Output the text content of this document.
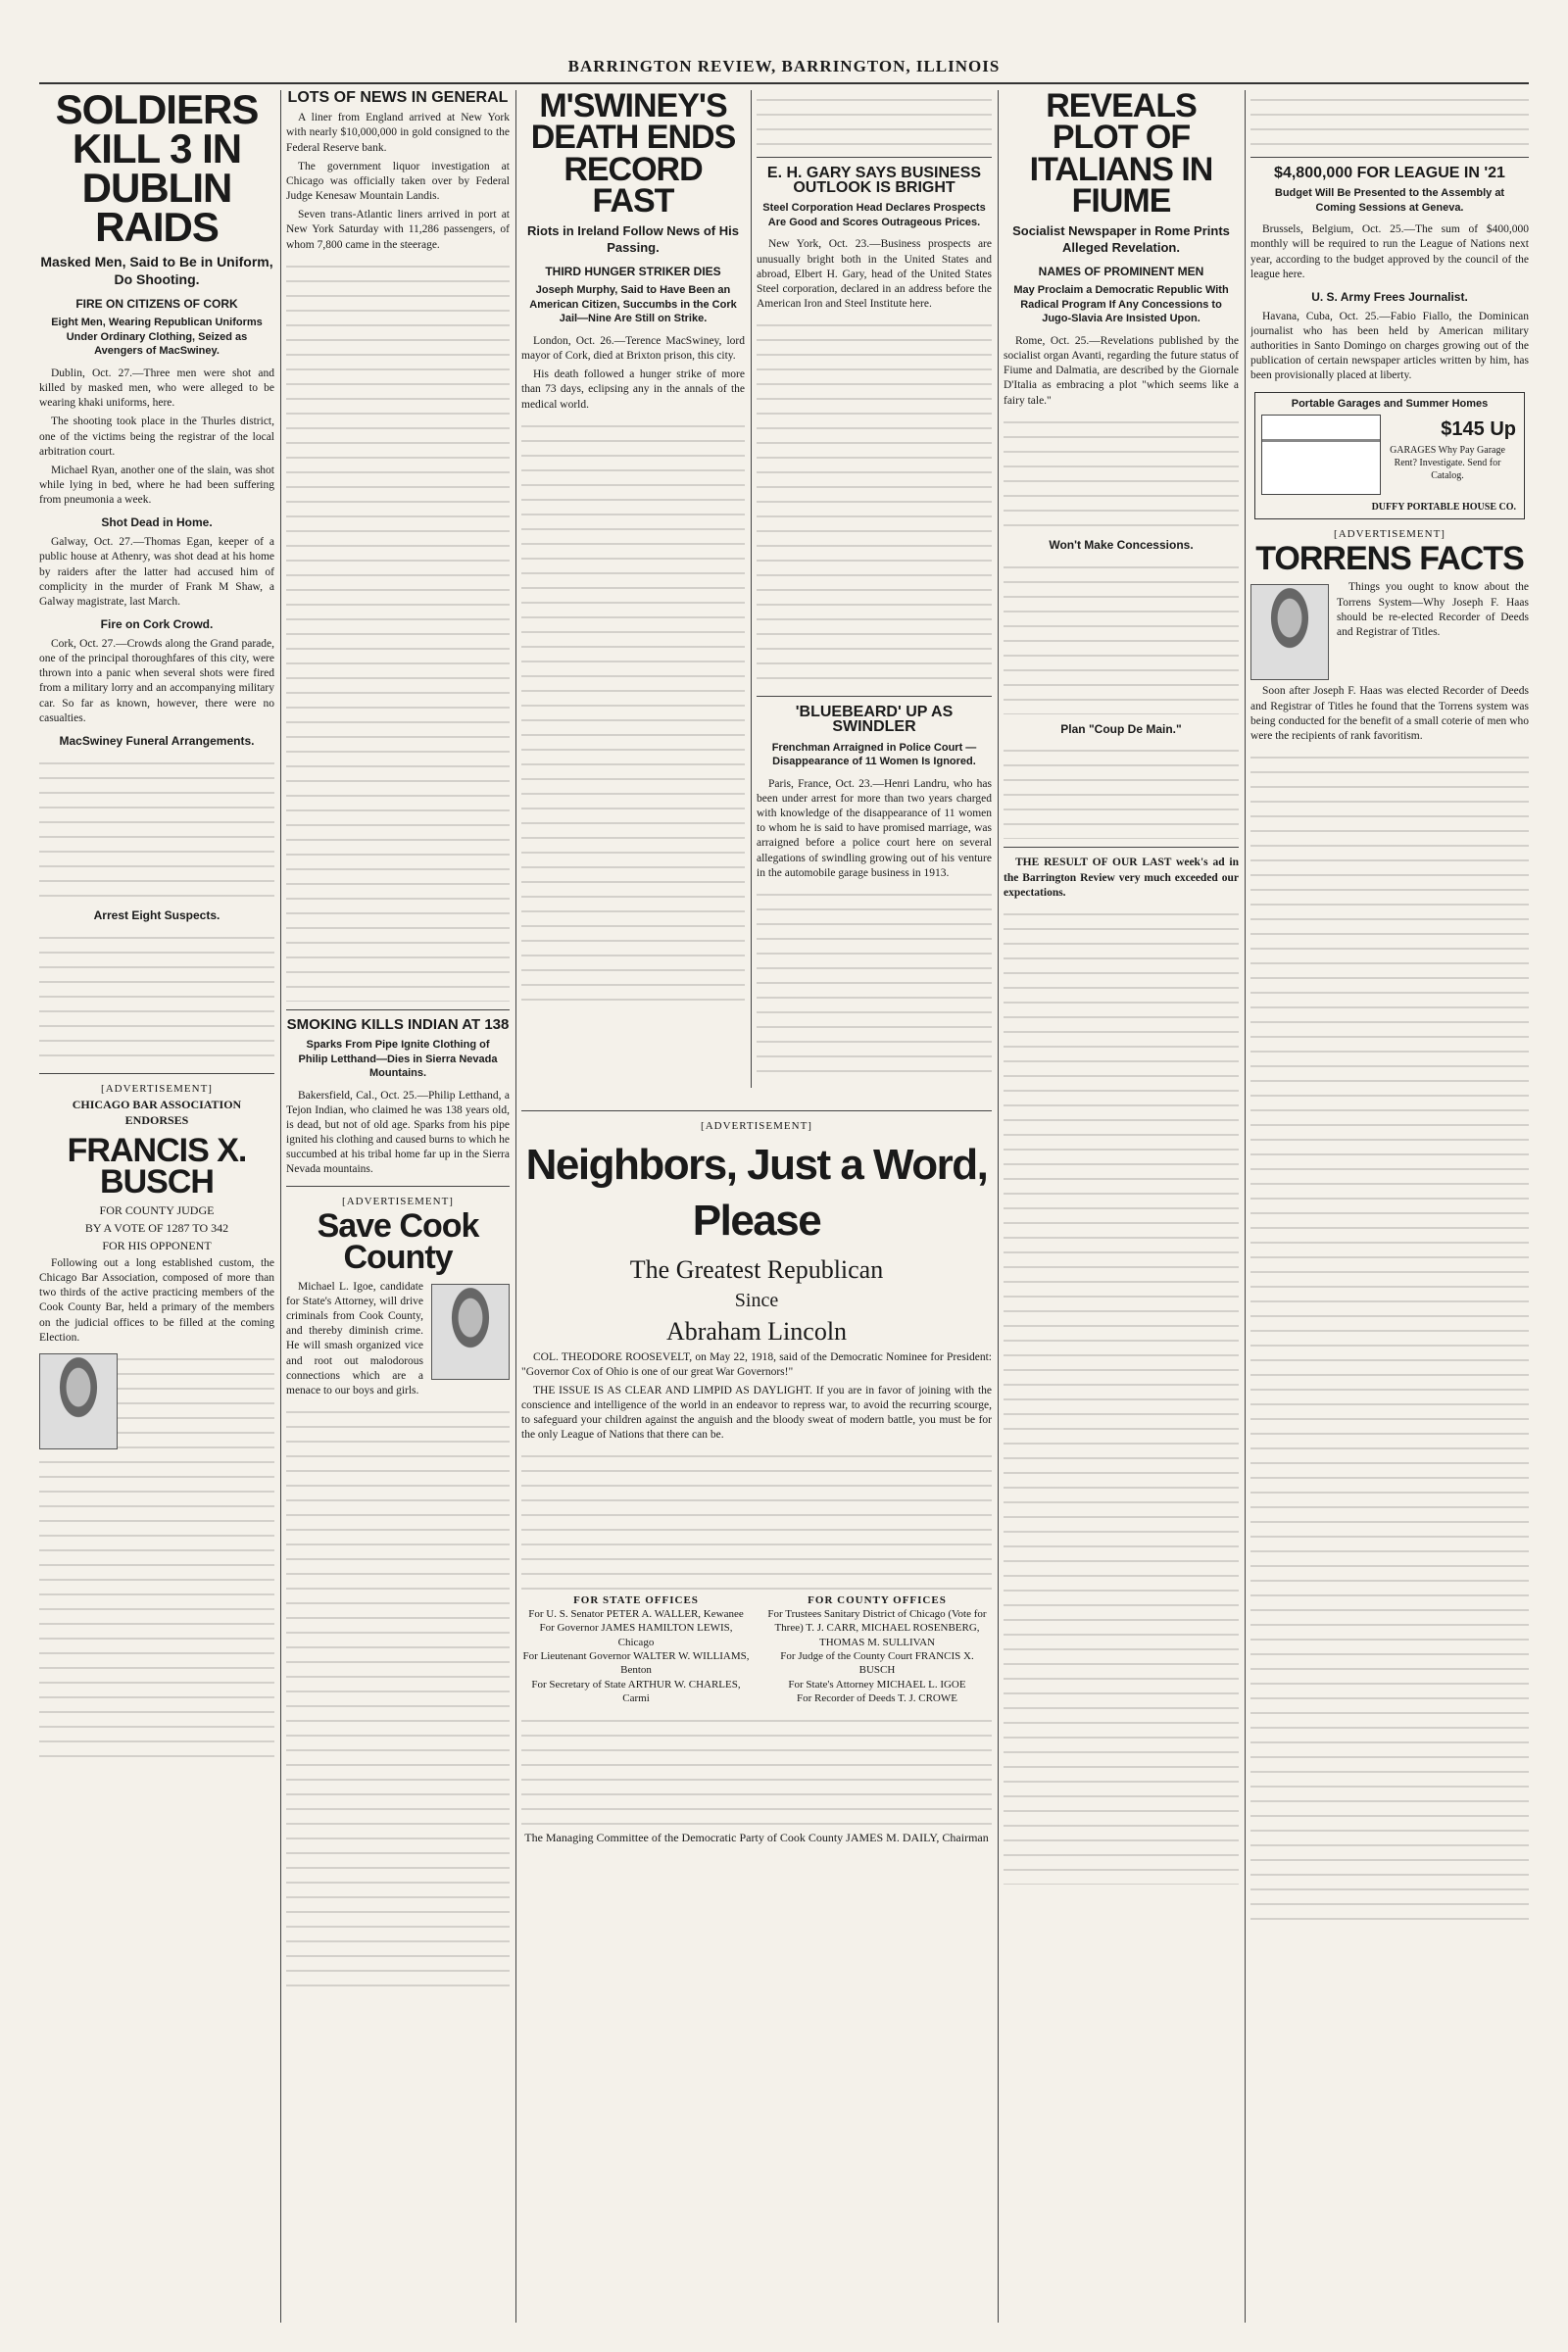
BARRINGTON REVIEW, BARRINGTON, ILLINOIS
SOLDIERS KILL 3 IN DUBLIN RAIDS
Masked Men, Said to Be in Uniform, Do Shooting.
FIRE ON CITIZENS OF CORK
Eight Men, Wearing Republican Uniforms Under Ordinary Clothing, Seized as Avengers of MacSwiney.

Dublin, Oct. 27.—Three men were shot and killed by masked men, who were alleged to be wearing khaki uniforms, here.

The shooting took place in the Thurles district, one of the victims being the registrar of the local arbitration court.

Michael Ryan, another one of the slain, was shot while lying in bed, where he had been suffering from pneumonia a week.

Shot Dead in Home.

Galway, Oct. 27.—Thomas Egan, keeper of a public house at Athenry, was shot dead at his home by raiders after the latter had accused him of complicity in the murder of Frank M Shaw, a Galway magistrate, last March.

Fire on Cork Crowd.

Cork, Oct. 27.—Crowds along the Grand parade, one of the principal thoroughfares of this city, were thrown into a panic when several shots were fired from a military lorry and an accompanying military car. So far as known, however, there were no casualties.

MacSwiney Funeral Arrangements.
Arrest Eight Suspects.
[ADVERTISEMENT]
CHICAGO BAR ASSOCIATION ENDORSES
FRANCIS X. BUSCH
FOR COUNTY JUDGE
BY A VOTE OF 1287 TO 342
FOR HIS OPPONENT

Following out a long established custom, the Chicago Bar Association, composed of more than two thirds of the active practicing members of the Cook County Bar, held a primary of the members on the judicial offices to be filled at the coming Election.

LOTS OF NEWS IN GENERAL

A liner from England arrived at New York with nearly $10,000,000 in gold consigned to the Federal Reserve bank.

The government liquor investigation at Chicago was officially taken over by Federal Judge Kenesaw Mountain Landis.

Seven trans-Atlantic liners arrived in port at New York Saturday with 11,286 passengers, of whom 7,800 came in the steerage.

SMOKING KILLS INDIAN AT 138
Sparks From Pipe Ignite Clothing of Philip Letthand—Dies in Sierra Nevada Mountains.

Bakersfield, Cal., Oct. 25.—Philip Letthand, a Tejon Indian, who claimed he was 138 years old, is dead, but not of old age. Sparks from his pipe ignited his clothing and caused burns to which he succumbed at his tribal home far up in the Sierra Nevada mountains.

[ADVERTISEMENT]
Save Cook County

Michael L. Igoe, candidate for State's Attorney, will drive criminals from Cook County, and thereby diminish crime. He will smash organized vice and root out malodorous connections which are a menace to our boys and girls.

M'SWINEY'S DEATH ENDS RECORD FAST
Riots in Ireland Follow News of His Passing.
THIRD HUNGER STRIKER DIES
Joseph Murphy, Said to Have Been an American Citizen, Succumbs in the Cork Jail—Nine Are Still on Strike.

London, Oct. 26.—Terence MacSwiney, lord mayor of Cork, died at Brixton prison, this city.

His death followed a hunger strike of more than 73 days, eclipsing any in the annals of the medical world.

E. H. GARY SAYS BUSINESS OUTLOOK IS BRIGHT
Steel Corporation Head Declares Prospects Are Good and Scores Outrageous Prices.

New York, Oct. 23.—Business prospects are unusually bright both in the United States and abroad, Elbert H. Gary, head of the United States Steel corporation, declared in an address before the American Iron and Steel Institute here.

'BLUEBEARD' UP AS SWINDLER
Frenchman Arraigned in Police Court —Disappearance of 11 Women Is Ignored.

Paris, France, Oct. 23.—Henri Landru, who has been under arrest for more than two years charged with knowledge of the disappearance of 11 women to whom he is said to have promised marriage, was arraigned before a police court here on several allegations of swindling growing out of his venture in the automobile garage business in 1913.

[ADVERTISEMENT]
Neighbors, Just a Word, Please
The Greatest Republican
Since
Abraham Lincoln

COL. THEODORE ROOSEVELT, on May 22, 1918, said of the Democratic Nominee for President: "Governor Cox of Ohio is one of our great War Governors!"

THE ISSUE IS AS CLEAR AND LIMPID AS DAYLIGHT. If you are in favor of joining with the conscience and intelligence of the world in an endeavor to repress war, to avoid the recurring scourge, to safeguard your children against the anguish and the bloody sweat of modern battle, you must be for the only League of Nations that there can be.

FOR STATE OFFICES
For U. S. Senator PETER A. WALLER, Kewanee
For Governor JAMES HAMILTON LEWIS, Chicago
For Lieutenant Governor WALTER W. WILLIAMS, Benton
For Secretary of State ARTHUR W. CHARLES, Carmi
FOR COUNTY OFFICES
For Trustees Sanitary District of Chicago (Vote for Three) T. J. CARR, MICHAEL ROSENBERG, THOMAS M. SULLIVAN
For Judge of the County Court FRANCIS X. BUSCH
For State's Attorney MICHAEL L. IGOE
For Recorder of Deeds T. J. CROWE
The Managing Committee of the Democratic Party of Cook County JAMES M. DAILY, Chairman
REVEALS PLOT OF ITALIANS IN FIUME
Socialist Newspaper in Rome Prints Alleged Revelation.
NAMES OF PROMINENT MEN
May Proclaim a Democratic Republic With Radical Program If Any Concessions to Jugo-Slavia Are Insisted Upon.

Rome, Oct. 25.—Revelations published by the socialist organ Avanti, regarding the future status of Fiume and Dalmatia, are described by the Giornale D'Italia as embracing a plot "which seems like a fairy tale."

Won't Make Concessions.
Plan "Coup De Main."

THE RESULT OF OUR LAST week's ad in the Barrington Review very much exceeded our expectations.

$4,800,000 FOR LEAGUE IN '21
Budget Will Be Presented to the Assembly at Coming Sessions at Geneva.

Brussels, Belgium, Oct. 25.—The sum of $400,000 monthly will be required to run the League of Nations next year, according to the budget approved by the council of the league here.

U. S. Army Frees Journalist.

Havana, Cuba, Oct. 25.—Fabio Fiallo, the Dominican journalist who has been held by American military authorities in Santo Domingo on charges growing out of the publication of certain newspaper articles written by him, has been provisionally placed at liberty.

Portable Garages and Summer Homes
$145 Up
GARAGES Why Pay Garage Rent? Investigate. Send for Catalog.
DUFFY PORTABLE HOUSE CO.
[ADVERTISEMENT]
TORRENS FACTS

Things you ought to know about the Torrens System—Why Joseph F. Haas should be re-elected Recorder of Deeds and Registrar of Titles.

Soon after Joseph F. Haas was elected Recorder of Deeds and Registrar of Titles he found that the Torrens system was being conducted for the benefit of a small coterie of men who were the recipients of rank favoritism.
